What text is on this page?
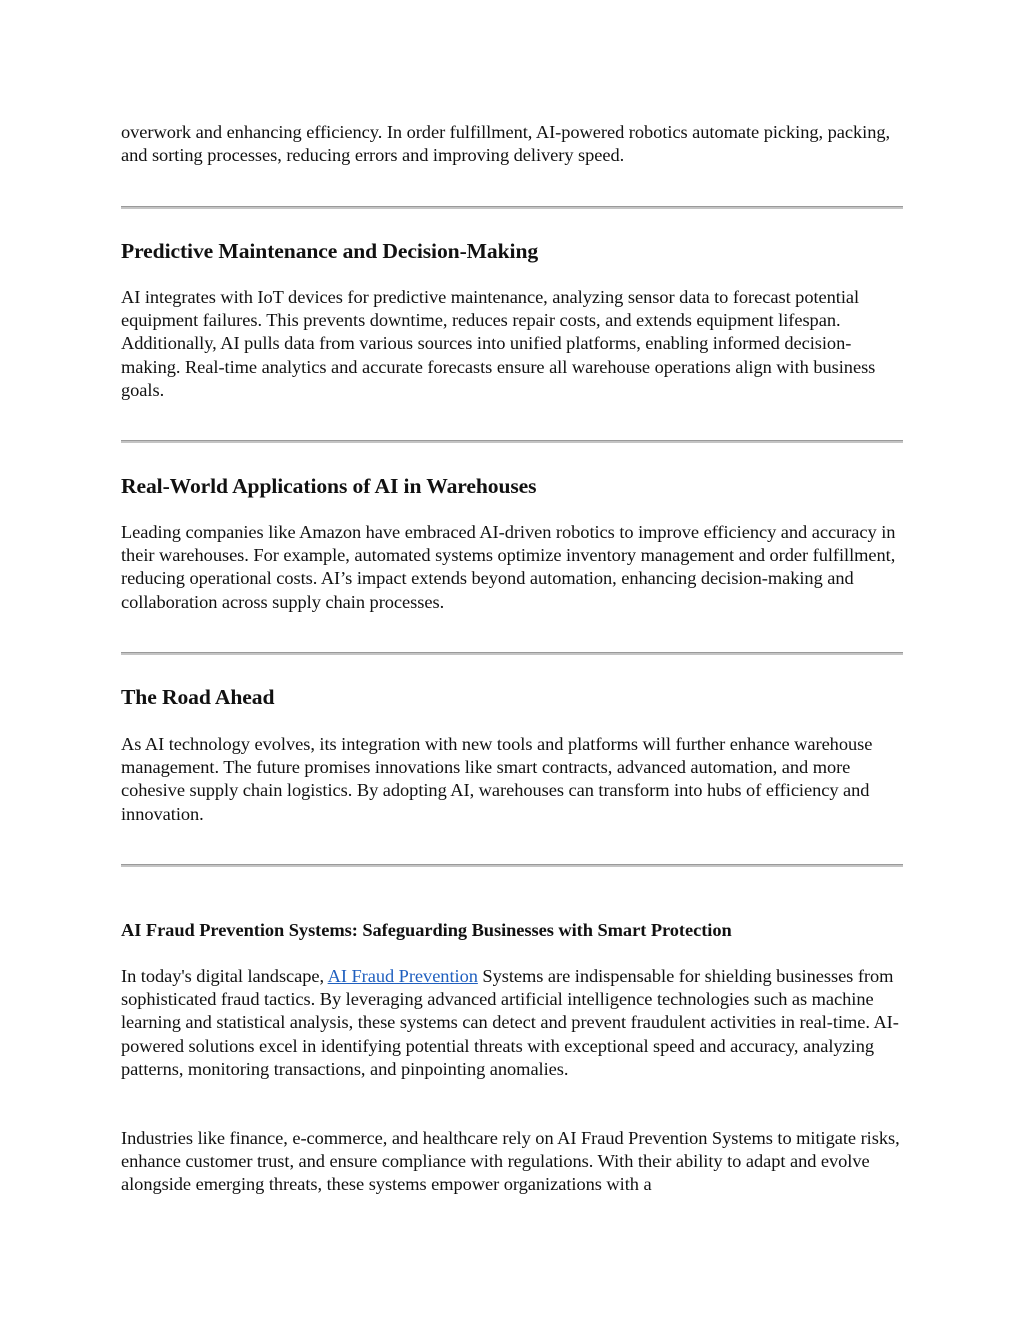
overwork and enhancing efficiency. In order fulfillment, AI-powered robotics automate picking, packing, and sorting processes, reducing errors and improving delivery speed.

Predictive Maintenance and Decision-Making

AI integrates with IoT devices for predictive maintenance, analyzing sensor data to forecast potential equipment failures. This prevents downtime, reduces repair costs, and extends equipment lifespan. Additionally, AI pulls data from various sources into unified platforms, enabling informed decision-making. Real-time analytics and accurate forecasts ensure all warehouse operations align with business goals.

Real-World Applications of AI in Warehouses

Leading companies like Amazon have embraced AI-driven robotics to improve efficiency and accuracy in their warehouses. For example, automated systems optimize inventory management and order fulfillment, reducing operational costs. AI’s impact extends beyond automation, enhancing decision-making and collaboration across supply chain processes.

The Road Ahead

As AI technology evolves, its integration with new tools and platforms will further enhance warehouse management. The future promises innovations like smart contracts, advanced automation, and more cohesive supply chain logistics. By adopting AI, warehouses can transform into hubs of efficiency and innovation.

AI Fraud Prevention Systems: Safeguarding Businesses with Smart Protection

In today's digital landscape, AI Fraud Prevention Systems are indispensable for shielding businesses from sophisticated fraud tactics. By leveraging advanced artificial intelligence technologies such as machine learning and statistical analysis, these systems can detect and prevent fraudulent activities in real-time. AI-powered solutions excel in identifying potential threats with exceptional speed and accuracy, analyzing patterns, monitoring transactions, and pinpointing anomalies.

Industries like finance, e-commerce, and healthcare rely on AI Fraud Prevention Systems to mitigate risks, enhance customer trust, and ensure compliance with regulations. With their ability to adapt and evolve alongside emerging threats, these systems empower organizations with a
